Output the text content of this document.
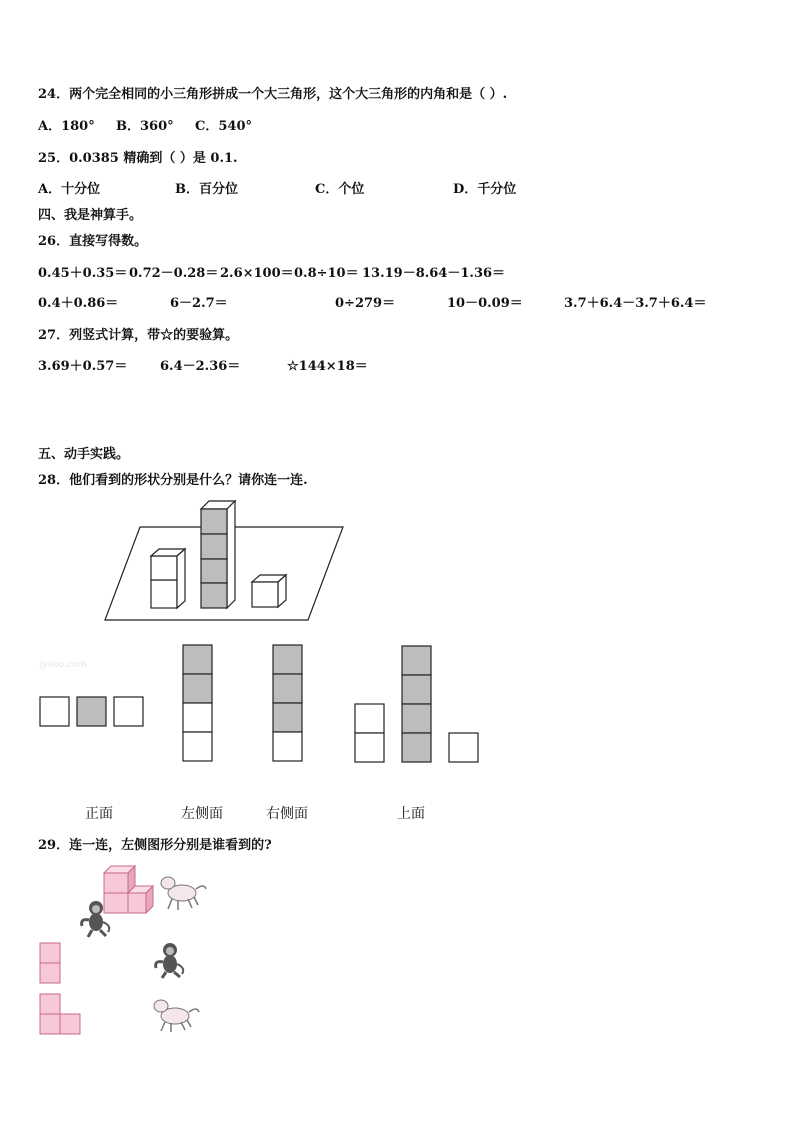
24．两个完全相同的小三角形拼成一个大三角形，这个大三角形的内角和是（ ）.
A．180° B．360° C．540°
25．0.0385 精确到（ ）是 0.1.
A．十分位	B．百分位	C．个位	D．千分位
四、我是神算手。
26．直接写得数。
0.45＋0.35＝ 0.72－0.28＝ 2.6×100＝ 0.8÷10＝ 13.19－8.64－1.36＝
0.4＋0.86＝	6－2.7＝	0÷279＝	10－0.09＝	3.7＋6.4－3.7＋6.4＝
27．列竖式计算，带☆的要验算。
3.69＋0.57＝	6.4－2.36＝	☆144×18＝
五、动手实践。
28．他们看到的形状分别是什么？请你连一连.
Jyeoo.com
正面	左侧面	右侧面	上面
29．连一连，左侧图形分别是谁看到的?
